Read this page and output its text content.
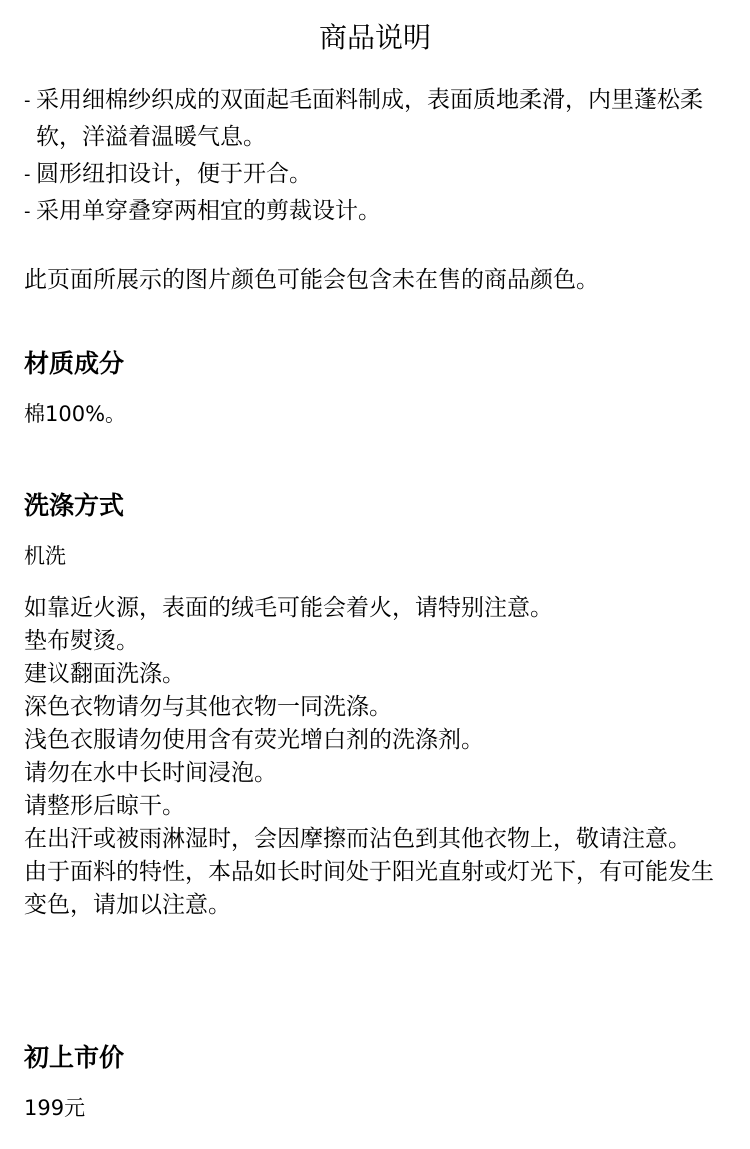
商品说明
- 采用细棉纱织成的双面起毛面料制成，表面质地柔滑，内里蓬松柔软，洋溢着温暖气息。
- 圆形纽扣设计，便于开合。
- 采用单穿叠穿两相宜的剪裁设计。

此页面所展示的图片颜色可能会包含未在售的商品颜色。

材质成分

棉100%。

洗涤方式

机洗

如靠近火源，表面的绒毛可能会着火，请特别注意。
垫布熨烫。
建议翻面洗涤。
深色衣物请勿与其他衣物一同洗涤。
浅色衣服请勿使用含有荧光增白剂的洗涤剂。
请勿在水中长时间浸泡。
请整形后晾干。
在出汗或被雨淋湿时，会因摩擦而沾色到其他衣物上，敬请注意。
由于面料的特性，本品如长时间处于阳光直射或灯光下，有可能发生变色，请加以注意。
初上市价

199元
